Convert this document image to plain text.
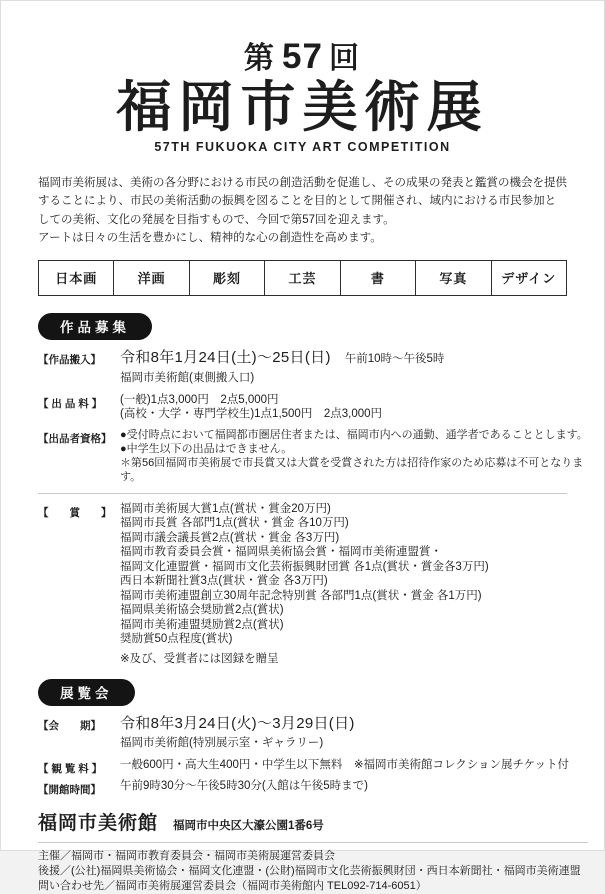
第 57 回
福岡市美術展
57TH FUKUOKA CITY ART COMPETITION

福岡市美術展は、美術の各分野における市民の創造活動を促進し、その成果の発表と鑑賞の機会を提供することにより、市民の美術活動の振興を図ることを目的として開催され、域内における市民参加としての美術、文化の発展を目指すもので、今回で第57回を迎えます。

アートは日々の生活を豊かにし、精神的な心の創造性を高めます。

日本画	洋画	彫刻	工芸	書	写真	デザイン
作品募集
【作品搬入】	令和8年1月24日(土)～25日(日) 午前10時～午後5時
福岡市美術館(東側搬入口)
【 出 品 料 】	(一般)1点3,000円　2点5,000円
(高校・大学・専門学校生)1点1,500円　2点3,000円
【出品者資格】 ●受付時点において福岡都市圏居住者または、福岡市内への通勤、通学者であることとします。
●中学生以下の出品はできません。
＊第56回福岡市美術展で市長賞又は大賞を受賞された方は招待作家のため応募は不可となります。
【　　賞　　】 福岡市美術展大賞1点(賞状・賞金20万円)
福岡市長賞 各部門1点(賞状・賞金 各10万円)
福岡市議会議長賞2点(賞状・賞金 各3万円)
福岡市教育委員会賞・福岡県美術協会賞・福岡市美術連盟賞・
福岡文化連盟賞・福岡市文化芸術振興財団賞 各1点(賞状・賞金各3万円)
西日本新聞社賞3点(賞状・賞金 各3万円)
福岡市美術連盟創立30周年記念特別賞 各部門1点(賞状・賞金 各1万円)
福岡県美術協会奨励賞2点(賞状)
福岡市美術連盟奨励賞2点(賞状)
奨励賞50点程度(賞状)
※及び、受賞者には図録を贈呈
展覧会
【会　　期】	令和8年3月24日(火)～3月29日(日)
福岡市美術館(特別展示室・ギャラリー)
【 観 覧 料 】	一般600円・高大生400円・中学生以下無料　※福岡市美術館コレクション展チケット付
【開館時間】	午前9時30分～午後5時30分(入館は午後5時まで)
福岡市美術館 福岡市中央区大濠公園1番6号
主催／福岡市・福岡市教育委員会・福岡市美術展運営委員会
後援／(公社)福岡県美術協会・福岡文化連盟・(公財)福岡市文化芸術振興財団・西日本新聞社・福岡市美術連盟
問い合わせ先／福岡市美術展運営委員会（福岡市美術館内 TEL092-714-6051）
